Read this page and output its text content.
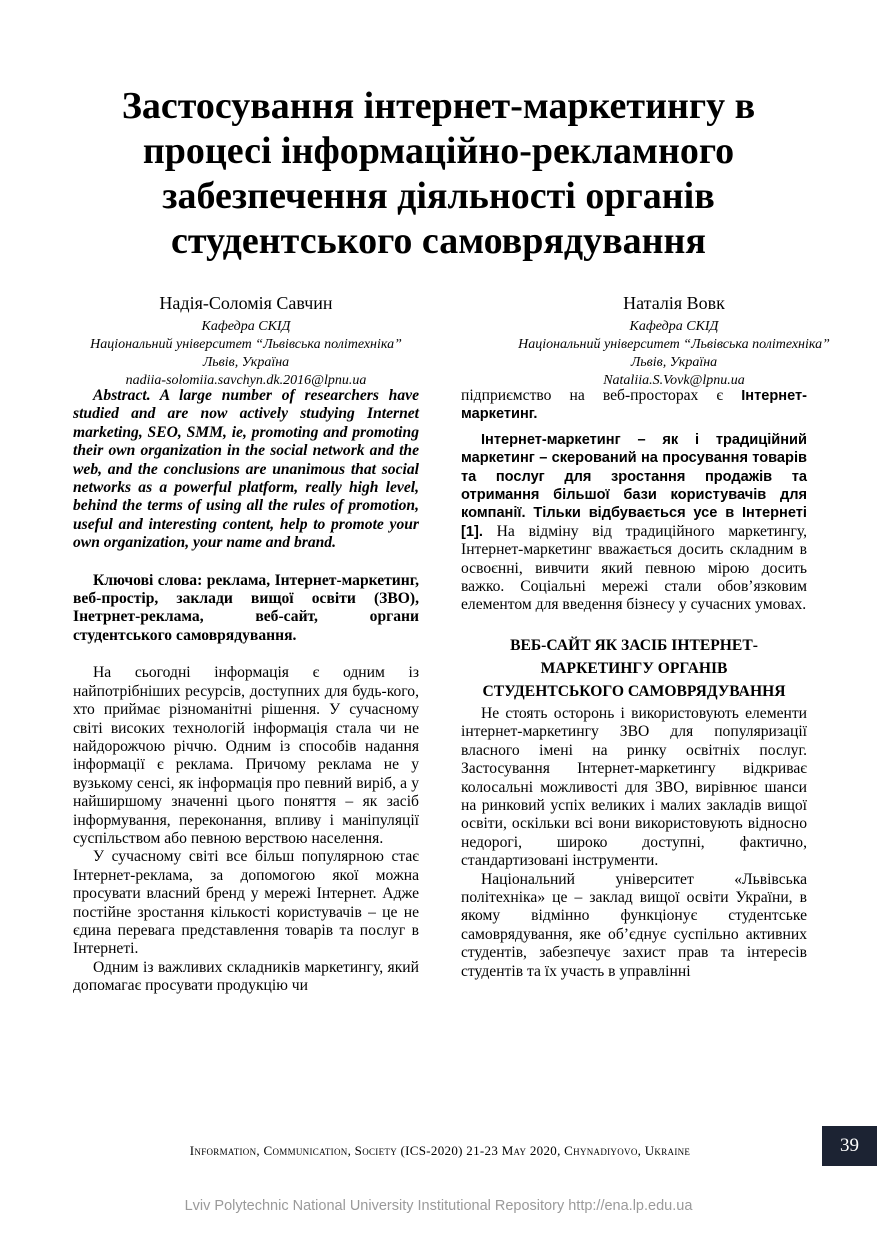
Застосування інтернет-маркетингу в
процесі інформаційно-рекламного
забезпечення діяльності органів
студентського самоврядування
Надія-Соломія Савчин
Кафедра СКІД
Національний університет “Львівська політехніка”
Львів, Україна
nadiia-solomiia.savchyn.dk.2016@lpnu.ua
Наталія Вовк
Кафедра СКІД
Національний університет “Львівська політехніка”
Львів, Україна
Nataliia.S.Vovk@lpnu.ua

Abstract. A large number of researchers have studied and are now actively studying Internet marketing, SEO, SMM, ie, promoting and promoting their own organization in the social network and the web, and the conclusions are unanimous that social networks as a powerful platform, really high level, behind the terms of using all the rules of promotion, useful and interesting content, help to promote your own organization, your name and brand.

Ключові слова: реклама, Інтернет-маркетинг, веб-простір, заклади вищої освіти (ЗВО), Інетрнет-реклама, веб-сайт, органи студентського самоврядування.

На сьогодні інформація є одним із найпотрібніших ресурсів, доступних для будь-кого, хто приймає різноманітні рішення. У сучасному світі високих технологій інформація стала чи не найдорожчою річчю. Одним із способів надання інформації є реклама. Причому реклама не у вузькому сенсі, як інформація про певний виріб, а у найширшому значенні цього поняття – як засіб інформування, переконання, впливу і маніпуляції суспільством або певною верствою населення.

У сучасному світі все більш популярною стає Інтернет-реклама, за допомогою якої можна просувати власний бренд у мережі Інтернет. Адже постійне зростання кількості користувачів – це не єдина перевага представлення товарів та послуг в Інтернеті.

Одним із важливих складників маркетингу, який допомагає просувати продукцію чи

підприємство на веб-просторах є Інтернет-маркетинг.

Інтернет-маркетинг – як і традиційний маркетинг – скерований на просування товарів та послуг для зростання продажів та отримання більшої бази користувачів для компанії. Тільки відбувається усе в Інтернеті [1]. На відміну від традиційного маркетингу, Інтернет-маркетинг вважається досить складним в освоєнні, вивчити який певною мірою досить важко. Соціальні мережі стали обов’язковим елементом для введення бізнесу у сучасних умовах.

ВЕБ-САЙТ ЯК ЗАСІБ ІНТЕРНЕТ-
МАРКЕТИНГУ ОРГАНІВ
СТУДЕНТСЬКОГО САМОВРЯДУВАННЯ

Не стоять осторонь і використовують елементи інтернет-маркетингу ЗВО для популяризації власного імені на ринку освітніх послуг. Застосування Інтернет-маркетингу відкриває колосальні можливості для ЗВО, вирівнює шанси на ринковий успіх великих і малих закладів вищої освіти, оскільки всі вони використовують відносно недорогі, широко доступні, фактично, стандартизовані інструменти.

Національний університет «Львівська політехніка» це – заклад вищої освіти України, в якому відмінно функціонує студентське самоврядування, яке об’єднує суспільно активних студентів, забезпечує захист прав та інтересів студентів та їх участь в управлінні

Information, Communication, Society (ICS-2020) 21-23 May 2020, Chynadiyovo, Ukraine	39
Lviv Polytechnic National University Institutional Repository http://ena.lp.edu.ua
